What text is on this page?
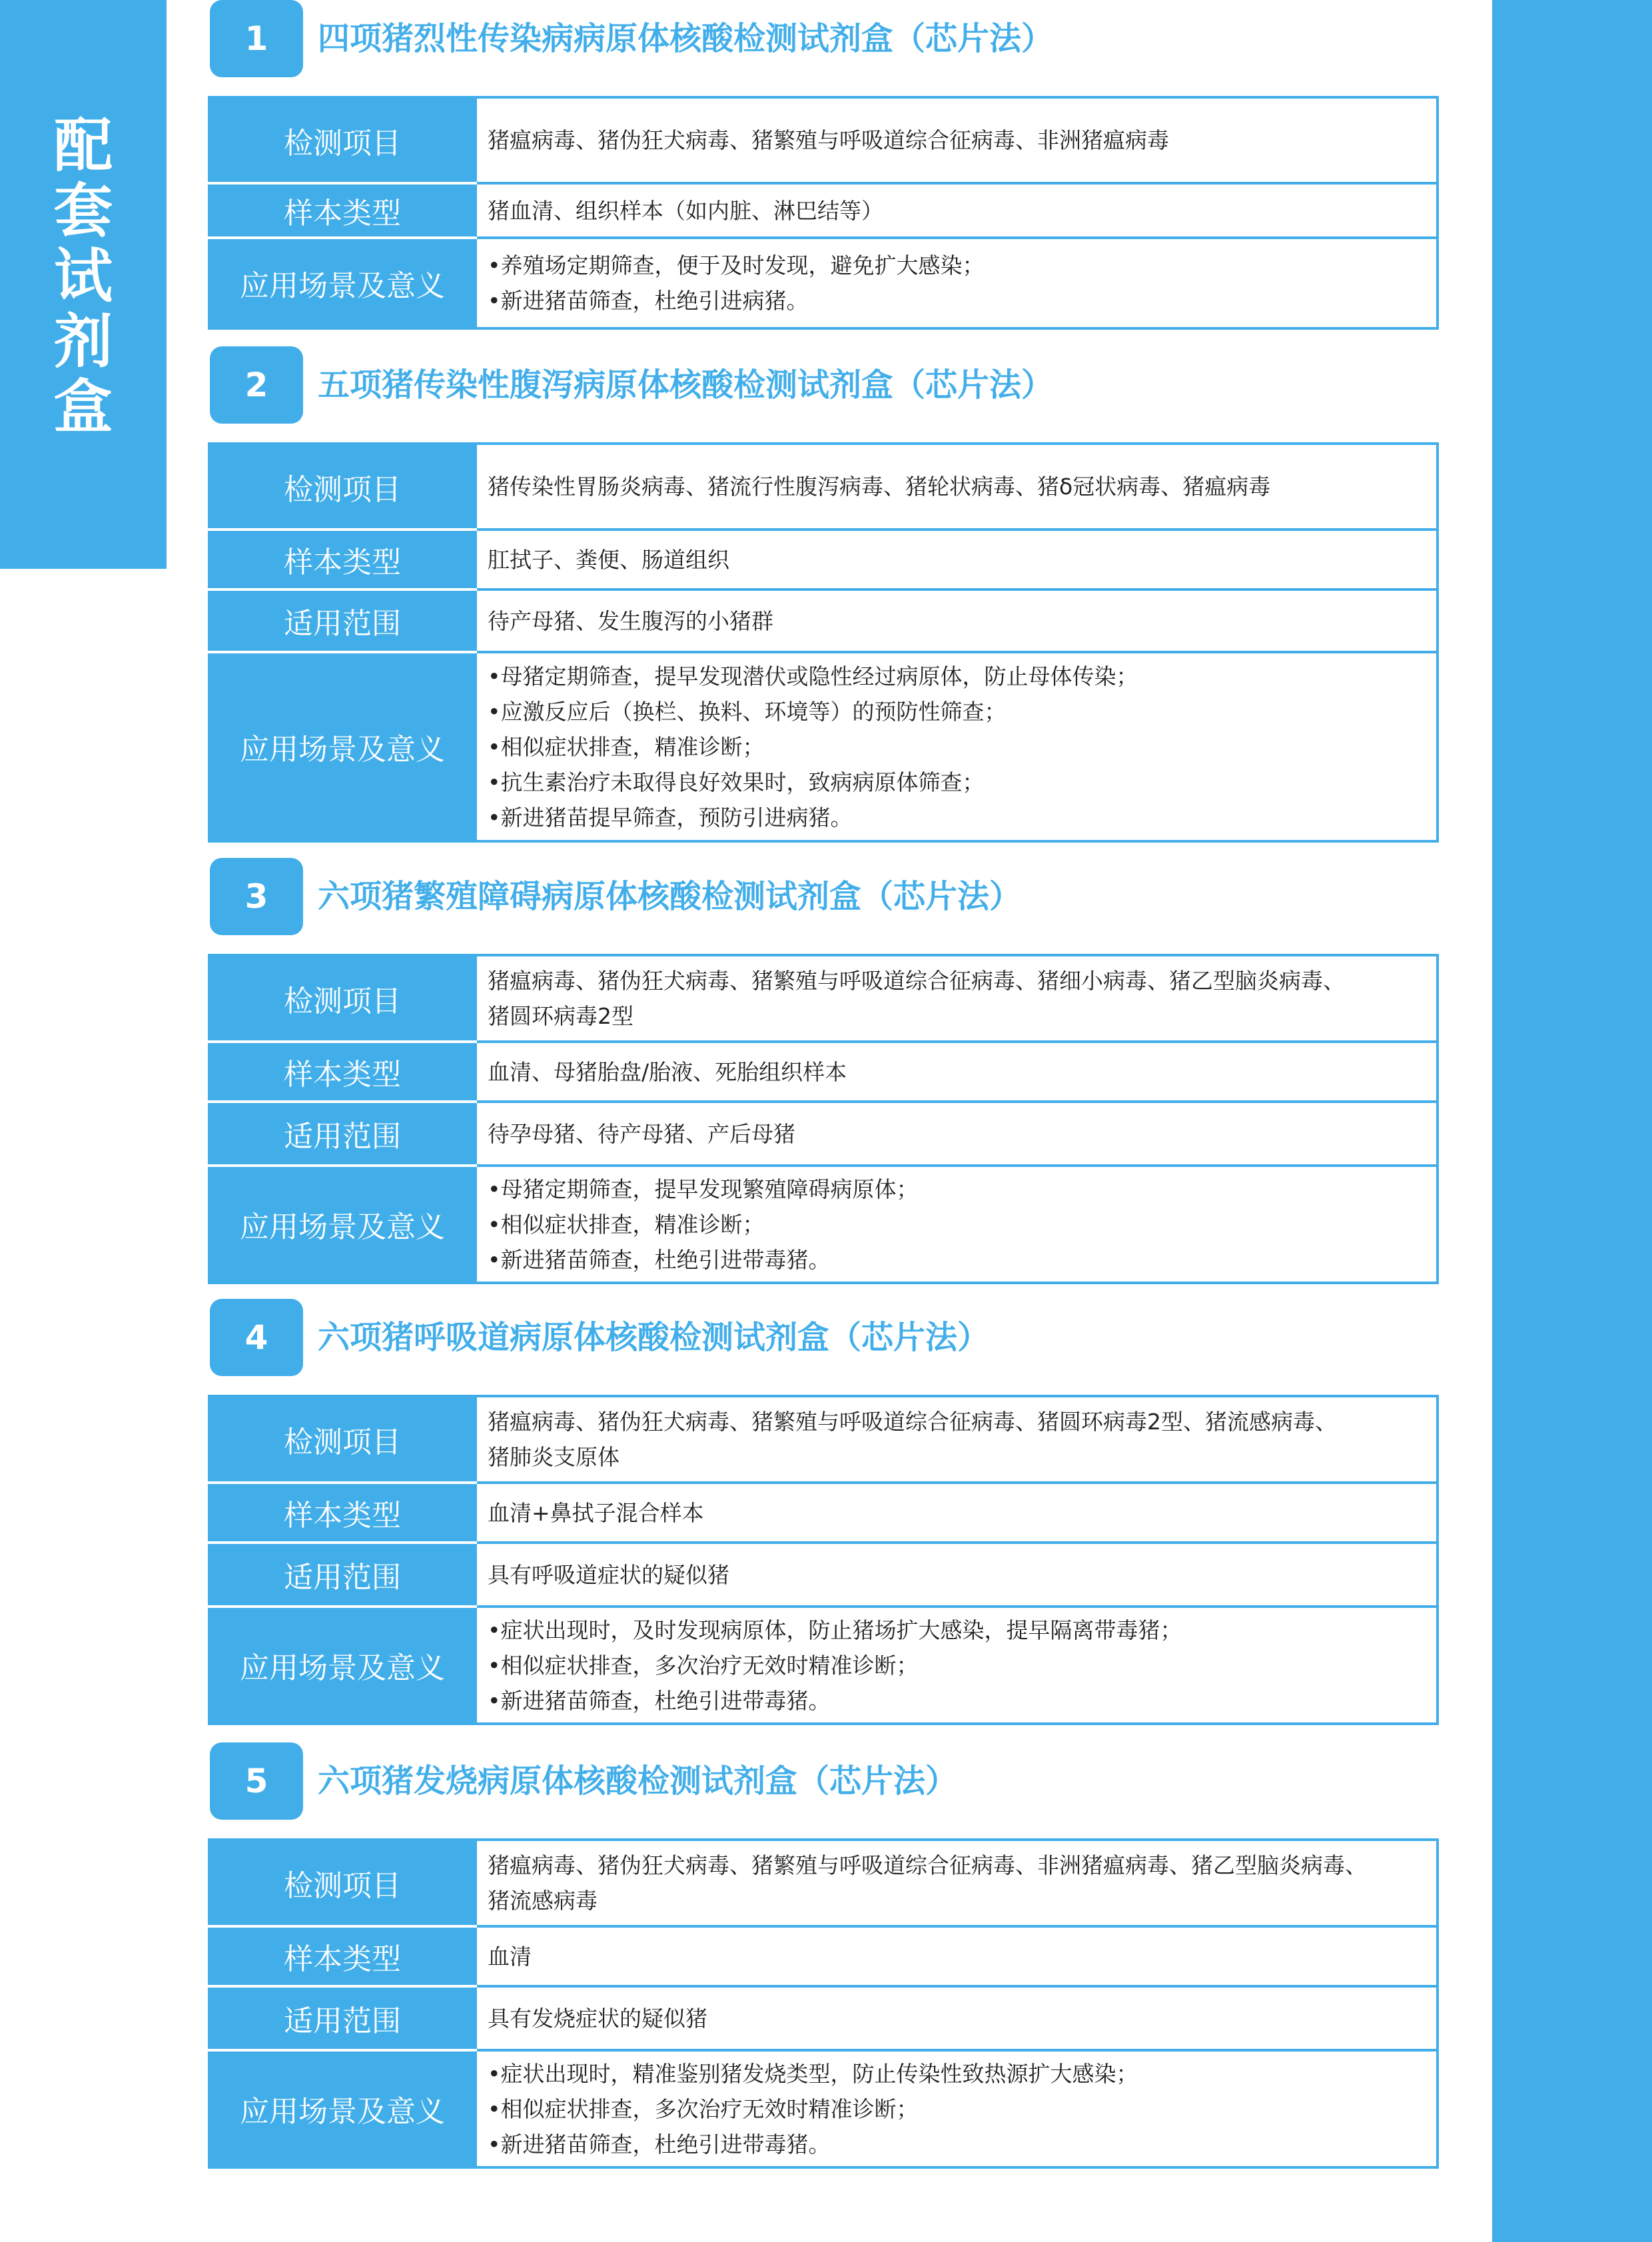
配
套
试
剂
盒
1	四项猪烈性传染病病原体核酸检测试剂盒（芯片法）
检测项目	猪瘟病毒、猪伪狂犬病毒、猪繁殖与呼吸道综合征病毒、非洲猪瘟病毒
样本类型	猪血清、组织样本（如内脏、淋巴结等）
应用场景及意义	• 养殖场定期筛查，便于及时发现，避免扩大感染；
• 新进猪苗筛查，杜绝引进病猪。
2	五项猪传染性腹泻病原体核酸检测试剂盒（芯片法）
检测项目	猪传染性胃肠炎病毒、猪流行性腹泻病毒、猪轮状病毒、猪δ冠状病毒、猪瘟病毒
样本类型	肛拭子、粪便、肠道组织
适用范围	待产母猪、发生腹泻的小猪群
应用场景及意义	• 母猪定期筛查，提早发现潜伏或隐性经过病原体，防止母体传染；
• 应激反应后（换栏、换料、环境等）的预防性筛查；
• 相似症状排查，精准诊断；
• 抗生素治疗未取得良好效果时，致病病原体筛查；
• 新进猪苗提早筛查，预防引进病猪。
3	六项猪繁殖障碍病原体核酸检测试剂盒（芯片法）
检测项目	猪瘟病毒、猪伪狂犬病毒、猪繁殖与呼吸道综合征病毒、猪细小病毒、猪乙型脑炎病毒、
猪圆环病毒2型

样本类型	血清、母猪胎盘/胎液、死胎组织样本
适用范围	待孕母猪、待产母猪、产后母猪
应用场景及意义	• 母猪定期筛查，提早发现繁殖障碍病原体；
• 相似症状排查，精准诊断；
• 新进猪苗筛查，杜绝引进带毒猪。
4	六项猪呼吸道病原体核酸检测试剂盒（芯片法）
检测项目	猪瘟病毒、猪伪狂犬病毒、猪繁殖与呼吸道综合征病毒、猪圆环病毒2型、猪流感病毒、
猪肺炎支原体

样本类型	血清+鼻拭子混合样本
适用范围	具有呼吸道症状的疑似猪
应用场景及意义	• 症状出现时，及时发现病原体，防止猪场扩大感染，提早隔离带毒猪；
• 相似症状排查，多次治疗无效时精准诊断；
• 新进猪苗筛查，杜绝引进带毒猪。
5	六项猪发烧病原体核酸检测试剂盒（芯片法）
检测项目	猪瘟病毒、猪伪狂犬病毒、猪繁殖与呼吸道综合征病毒、非洲猪瘟病毒、猪乙型脑炎病毒、
猪流感病毒

样本类型	血清
适用范围	具有发烧症状的疑似猪
应用场景及意义	• 症状出现时，精准鉴别猪发烧类型，防止传染性致热源扩大感染；
• 相似症状排查，多次治疗无效时精准诊断；
• 新进猪苗筛查，杜绝引进带毒猪。
